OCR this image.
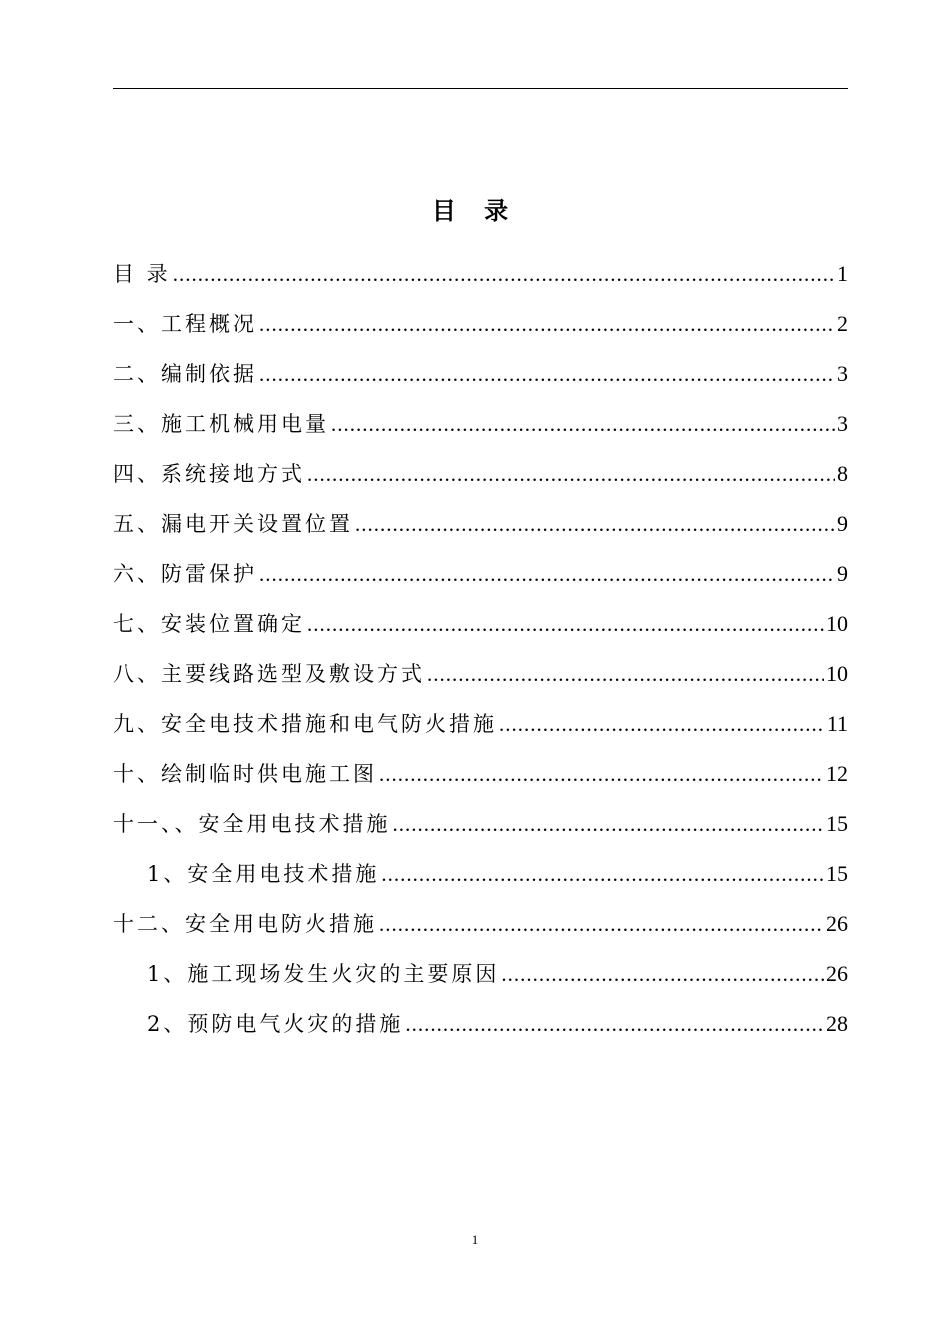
目 录
目 录 .....	1
一、工程概况 .....	2
二、编制依据 .....	3
三、施工机械用电量 .....	3
四、系统接地方式 .....	8
五、漏电开关设置位置 .....	9
六、防雷保护 .....	9
七、安装位置确定 .....	10
八、主要线路选型及敷设方式 .....	10
九、安全电技术措施和电气防火措施 .....	11
十、绘制临时供电施工图 .....	12
十一、、安全用电技术措施 .....	15
1、安全用电技术措施 .....	15
十二、安全用电防火措施 .....	26
1、施工现场发生火灾的主要原因 .....	26
2、预防电气火灾的措施 .....	28
1
